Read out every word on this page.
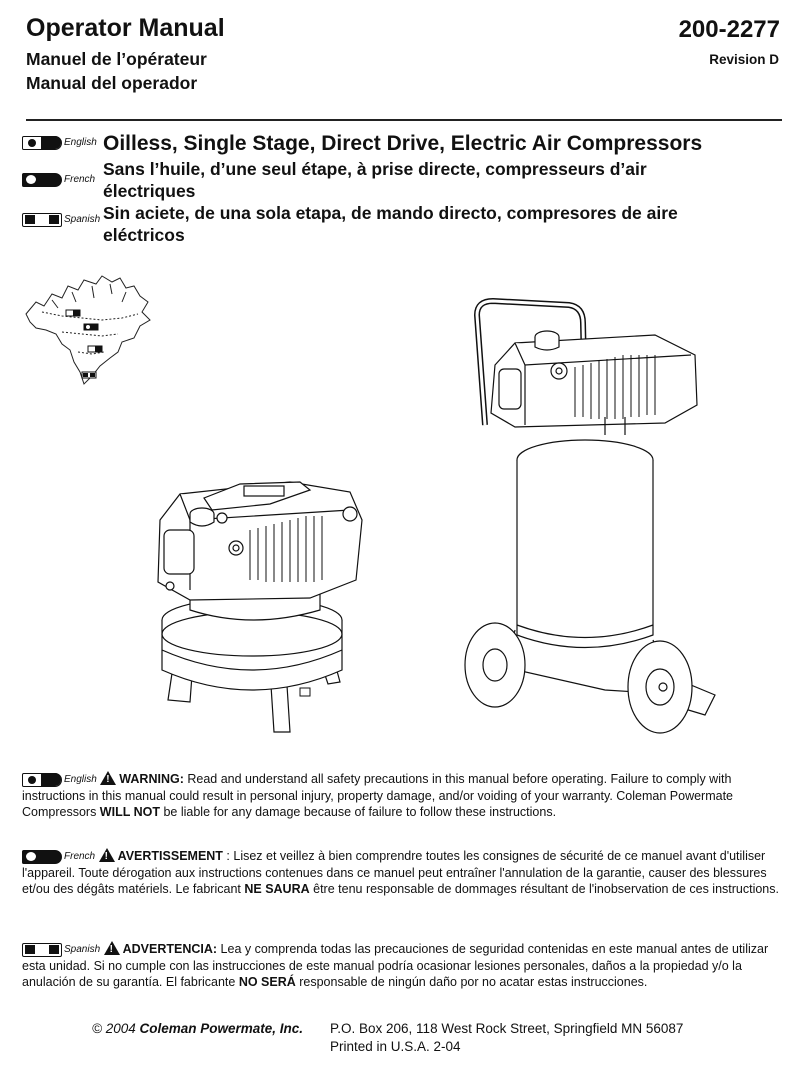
Operator Manual
Manuel de l’opérateur
Manual del operador
200-2277
Revision D
English
French
Spanish
Oilless, Single Stage, Direct Drive, Electric Air Compressors
Sans l’huile, d’une seul étape, à prise directe, compresseurs d’air électriques
Sin aciete, de una sola etapa, de mando directo, compresores de aire eléctricos
English ! WARNING: Read and understand all safety precautions in this manual before operating. Failure to comply with instructions in this manual could result in personal injury, property damage, and/or voiding of your warranty. Coleman Powermate Compressors WILL NOT be liable for any damage because of failure to follow these instructions.
French ! AVERTISSEMENT : Lisez et veillez à bien comprendre toutes les consignes de sécurité de ce manuel avant d'utiliser l'appareil. Toute dérogation aux instructions contenues dans ce manuel peut entraîner l'annulation de la garantie, causer des blessures et/ou des dégâts matériels. Le fabricant NE SAURA être tenu responsable de dommages résultant de l'inobservation de ces instructions.
Spanish ! ADVERTENCIA: Lea y comprenda todas las precauciones de seguridad contenidas en este manual antes de utilizar esta unidad. Si no cumple con las instrucciones de este manual podría ocasionar lesiones personales, daños a la propiedad y/o la anulación de su garantía. El fabricante NO SERÁ responsable de ningún daño por no acatar estas instrucciones.
© 2004 Coleman Powermate, Inc. P.O. Box 206, 118 West Rock Street, Springfield MN 56087
Printed in U.S.A. 2-04
